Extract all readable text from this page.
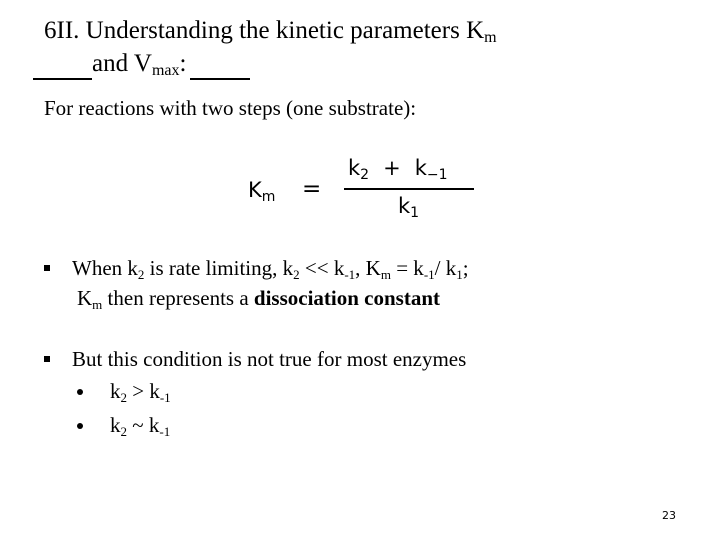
6II. Understanding the kinetic parameters $K_m$
and $V_{max}$:
For reactions with two steps (one substrate):
Km =
k2 + k−1
k1
When $k_2$ is rate limiting, $k_2 << k_{-1}$, $K_m = k_{-1}/$ $k_1$;
$K_m$ then represents a dissociation constant
But this condition is not true for most enzymes
$k_2 > k_{-1}$
$k_2$ ~ $k_{-1}$
23
